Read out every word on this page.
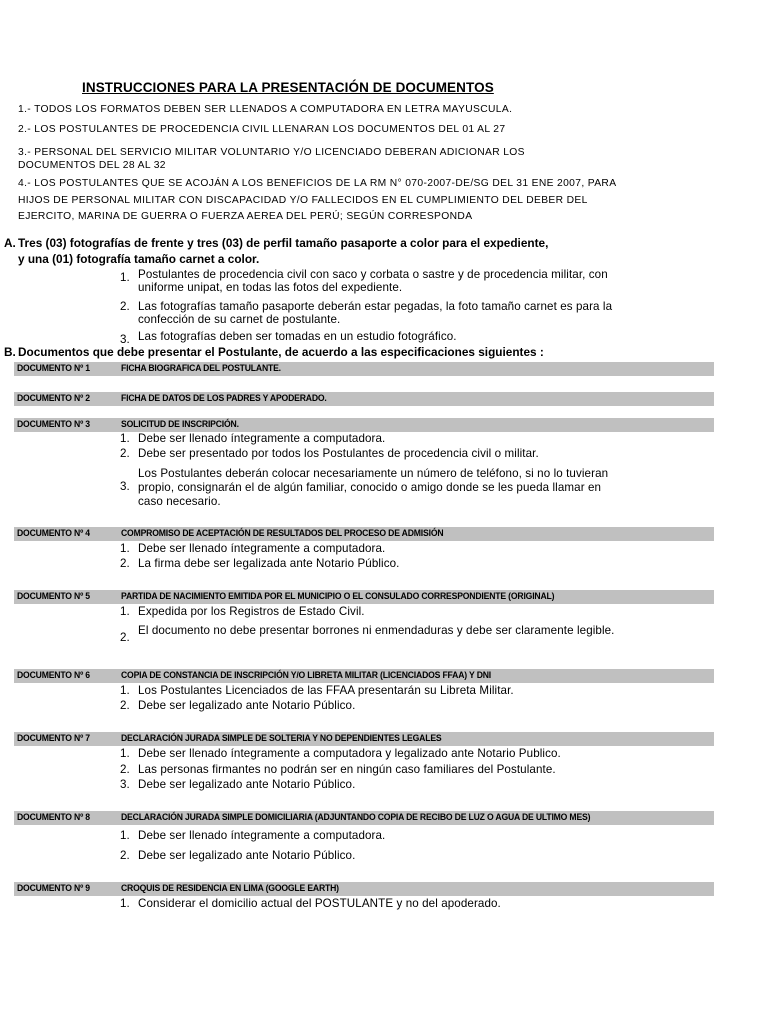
INSTRUCCIONES PARA LA PRESENTACIÓN DE DOCUMENTOS
1.- TODOS LOS FORMATOS DEBEN SER LLENADOS A COMPUTADORA EN LETRA MAYUSCULA.
2.- LOS POSTULANTES DE PROCEDENCIA CIVIL LLENARAN LOS DOCUMENTOS DEL 01 AL 27
3.- PERSONAL DEL SERVICIO MILITAR VOLUNTARIO Y/O LICENCIADO DEBERAN ADICIONAR LOS DOCUMENTOS DEL 28 AL 32
4.- LOS POSTULANTES QUE SE ACOJÁN A LOS BENEFICIOS DE LA RM N° 070-2007-DE/SG DEL 31 ENE 2007, PARA HIJOS DE PERSONAL MILITAR CON DISCAPACIDAD Y/O FALLECIDOS EN EL CUMPLIMIENTO DEL DEBER DEL EJERCITO, MARINA DE GUERRA O FUERZA AEREA DEL PERÚ; SEGÚN CORRESPONDA
A. Tres (03) fotografías de frente y tres (03) de perfil tamaño pasaporte a color para el expediente,
y una (01) fotografía tamaño carnet a color.
1. Postulantes de procedencia civil con saco y corbata o sastre y de procedencia militar, con uniforme unipat, en todas las fotos del expediente.
2. Las fotografías tamaño pasaporte deberán estar pegadas, la foto tamaño carnet es para la confección de su carnet de postulante.
3. Las fotografías deben ser tomadas en un estudio fotográfico.
B. Documentos que debe presentar el Postulante, de acuerdo a las especificaciones siguientes :
DOCUMENTO Nº 1	FICHA BIOGRAFICA DEL POSTULANTE.
DOCUMENTO Nº 2	FICHA DE DATOS DE LOS PADRES Y APODERADO.
DOCUMENTO Nº 3	SOLICITUD DE INSCRIPCIÓN.
1. Debe ser llenado íntegramente a computadora.
2. Debe ser presentado por todos los Postulantes de procedencia civil o militar.
3.
Los Postulantes deberán colocar necesariamente un número de teléfono, si no lo tuvieran propio, consignarán el de algún familiar, conocido o amigo donde se les pueda llamar en caso necesario.
DOCUMENTO Nº 4	COMPROMISO DE ACEPTACIÓN DE RESULTADOS DEL PROCESO DE ADMISIÓN
1. Debe ser llenado íntegramente a computadora.
2. La firma debe ser legalizada ante Notario Público.
DOCUMENTO Nº 5	PARTIDA DE NACIMIENTO EMITIDA POR EL MUNICIPIO O EL CONSULADO CORRESPONDIENTE (ORIGINAL)
1. Expedida por los Registros de Estado Civil.
2.
El documento no debe presentar borrones ni enmendaduras y debe ser claramente legible.
DOCUMENTO Nº 6	COPIA DE CONSTANCIA DE INSCRIPCIÓN Y/O LIBRETA MILITAR (LICENCIADOS FFAA) Y DNI
1. Los Postulantes Licenciados de las FFAA presentarán su Libreta Militar.
2. Debe ser legalizado ante Notario Público.
DOCUMENTO Nº 7	DECLARACIÓN JURADA SIMPLE DE SOLTERIA Y NO DEPENDIENTES LEGALES
1. Debe ser llenado íntegramente a computadora y legalizado ante Notario Publico.
2. Las personas firmantes no podrán ser en ningún caso familiares del Postulante.
3. Debe ser legalizado ante Notario Público.
DOCUMENTO Nº 8	DECLARACIÓN JURADA SIMPLE DOMICILIARIA (ADJUNTANDO COPIA DE RECIBO DE LUZ O AGUA DE ULTIMO MES)
1. Debe ser llenado íntegramente a computadora.
2. Debe ser legalizado ante Notario Público.
DOCUMENTO Nº 9	CROQUIS DE RESIDENCIA EN LIMA (GOOGLE EARTH)
1. Considerar el domicilio actual del POSTULANTE y no del apoderado.
